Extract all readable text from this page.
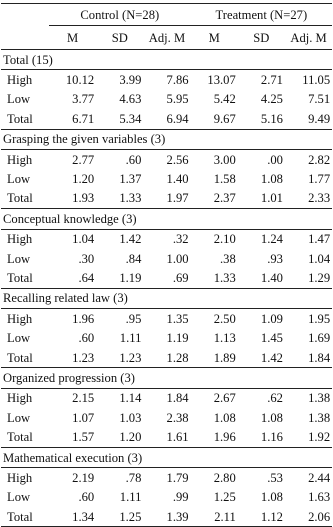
	Control (N=28)			Treatment (N=27)		
	M	SD	Adj. M	M	SD	Adj. M
Total (15)						
High	10.12	3.99	7.86	13.07	2.71	11.05
Low	3.77	4.63	5.95	5.42	4.25	7.51
Total	6.71	5.34	6.94	9.67	5.16	9.49
Grasping the given variables (3)						
High	2.77	.60	2.56	3.00	.00	2.82
Low	1.20	1.37	1.40	1.58	1.08	1.77
Total	1.93	1.33	1.97	2.37	1.01	2.33
Conceptual knowledge (3)						
High	1.04	1.42	.32	2.10	1.24	1.47
Low	.30	.84	1.00	.38	.93	1.04
Total	.64	1.19	.69	1.33	1.40	1.29
Recalling related law (3)						
High	1.96	.95	1.35	2.50	1.09	1.95
Low	.60	1.11	1.19	1.13	1.45	1.69
Total	1.23	1.23	1.28	1.89	1.42	1.84
Organized progression (3)						
High	2.15	1.14	1.84	2.67	.62	1.38
Low	1.07	1.03	2.38	1.08	1.08	1.38
Total	1.57	1.20	1.61	1.96	1.16	1.92
Mathematical execution (3)						
High	2.19	.78	1.79	2.80	.53	2.44
Low	.60	1.11	.99	1.25	1.08	1.63
Total	1.34	1.25	1.39	2.11	1.12	2.06
